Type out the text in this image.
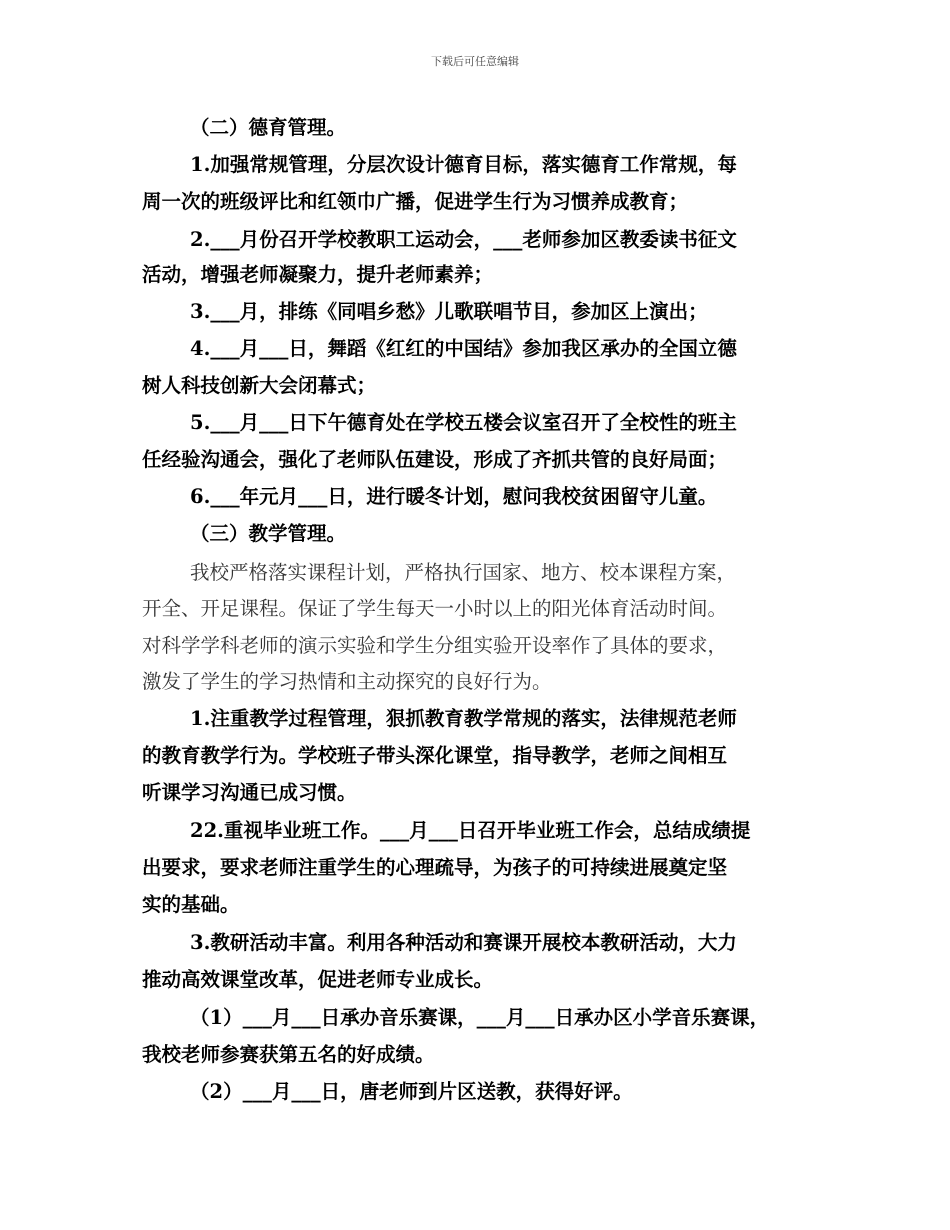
下载后可任意编辑
（二）德育管理。
1.加强常规管理，分层次设计德育目标，落实德育工作常规，每
周一次的班级评比和红领巾广播，促进学生行为习惯养成教育；
2.___月份召开学校教职工运动会，___老师参加区教委读书征文
活动，增强老师凝聚力，提升老师素养；
3.___月，排练《同唱乡愁》儿歌联唱节目，参加区上演出；
4.___月___日，舞蹈《红红的中国结》参加我区承办的全国立德
树人科技创新大会闭幕式；
5.___月___日下午德育处在学校五楼会议室召开了全校性的班主
任经验沟通会，强化了老师队伍建设，形成了齐抓共管的良好局面；
6.___年元月___日，进行暖冬计划，慰问我校贫困留守儿童。
（三）教学管理。
我校严格落实课程计划，严格执行国家、地方、校本课程方案，
开全、开足课程。保证了学生每天一小时以上的阳光体育活动时间。
对科学学科老师的演示实验和学生分组实验开设率作了具体的要求，
激发了学生的学习热情和主动探究的良好行为。
1.注重教学过程管理，狠抓教育教学常规的落实，法律规范老师
的教育教学行为。学校班子带头深化课堂，指导教学，老师之间相互
听课学习沟通已成习惯。
22.重视毕业班工作。___月___日召开毕业班工作会，总结成绩提
出要求，要求老师注重学生的心理疏导，为孩子的可持续进展奠定坚
实的基础。
3.教研活动丰富。利用各种活动和赛课开展校本教研活动，大力
推动高效课堂改革，促进老师专业成长。
（1）___月___日承办音乐赛课，___月___日承办区小学音乐赛课，
我校老师参赛获第五名的好成绩。
（2）___月___日，唐老师到片区送教，获得好评。
